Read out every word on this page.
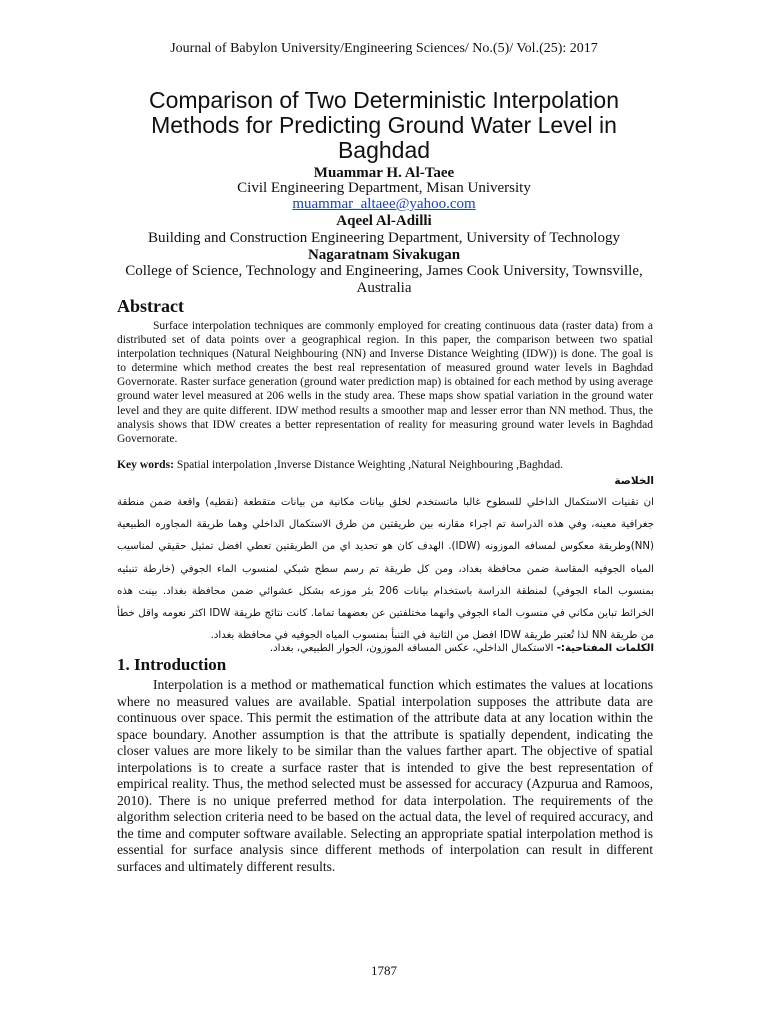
Journal of Babylon University/Engineering Sciences/ No.(5)/ Vol.(25): 2017
Comparison of Two Deterministic Interpolation Methods for Predicting Ground Water Level in Baghdad
Muammar H. Al-Taee
Civil Engineering Department, Misan University
muammar_altaee@yahoo.com
Aqeel Al-Adilli
Building and Construction Engineering Department, University of Technology
Nagaratnam Sivakugan
College of Science, Technology and Engineering, James Cook University, Townsville,
Australia
Abstract

Surface interpolation techniques are commonly employed for creating continuous data (raster data) from a distributed set of data points over a geographical region. In this paper, the comparison between two spatial interpolation techniques (Natural Neighbouring (NN) and Inverse Distance Weighting (IDW)) is done. The goal is to determine which method creates the best real representation of measured ground water levels in Baghdad Governorate. Raster surface generation (ground water prediction map) is obtained for each method by using average ground water level measured at 206 wells in the study area. These maps show spatial variation in the ground water level and they are quite different. IDW method results a smoother map and lesser error than NN method. Thus, the analysis shows that IDW creates a better representation of reality for measuring ground water levels in Baghdad Governorate.

Key words: Spatial interpolation ,Inverse Distance Weighting ,Natural Neighbouring ,Baghdad.
الخلاصة

ان تقنيات الاستكمال الداخلي للسطوح غالبا ماتستخدم لخلق بيانات مكانية من بيانات متقطعة (نقطيه) واقعة ضمن منطقة جغرافية معينه، وفي هذه الدراسة تم اجراء مقارنه بين طريقتين من طرق الاستكمال الداخلي وهما طريقة المجاوره الطبيعية (NN)وطريقة معكوس لمسافه الموزونه (IDW). الهدف كان هو تحديد اي من الطريقتين تعطي افضل تمثيل حقيقي لمناسيب المياه الجوفيه المقاسة ضمن محافظة بغداد، ومن كل طريقة تم رسم سطح شبكي لمنسوب الماء الجوفي (خارطة تنبئيه بمنسوب الماء الجوفي) لمنطقة الدراسة باستخدام بيانات 206 بئر موزعه بشكل عشوائي ضمن محافظة بغداد. بينت هذه الخرائط تباين مكاني في منسوب الماء الجوفي وانهما مختلفتين عن بعضهما تماما. كانت نتائج طريقة IDW اكثر نعومه واقل خطأ من طريقة NN لذا تُعتبر طريقة IDW افضل من الثانية في التنبأ بمنسوب المياه الجوفيه في محافظة بغداد.

الكلمات المفتاحية:- الاستكمال الداخلي، عكس المسافه الموزون، الجوار الطبيعي، بغداد.
1. Introduction

Interpolation is a method or mathematical function which estimates the values at locations where no measured values are available. Spatial interpolation supposes the attribute data are continuous over space. This permit the estimation of the attribute data at any location within the space boundary. Another assumption is that the attribute is spatially dependent, indicating the closer values are more likely to be similar than the values farther apart. The objective of spatial interpolations is to create a surface raster that is intended to give the best representation of empirical reality. Thus, the method selected must be assessed for accuracy (Azpurua and Ramoos, 2010). There is no unique preferred method for data interpolation. The requirements of the algorithm selection criteria need to be based on the actual data, the level of required accuracy, and the time and computer software available. Selecting an appropriate spatial interpolation method is essential for surface analysis since different methods of interpolation can result in different surfaces and ultimately different results.

1787
